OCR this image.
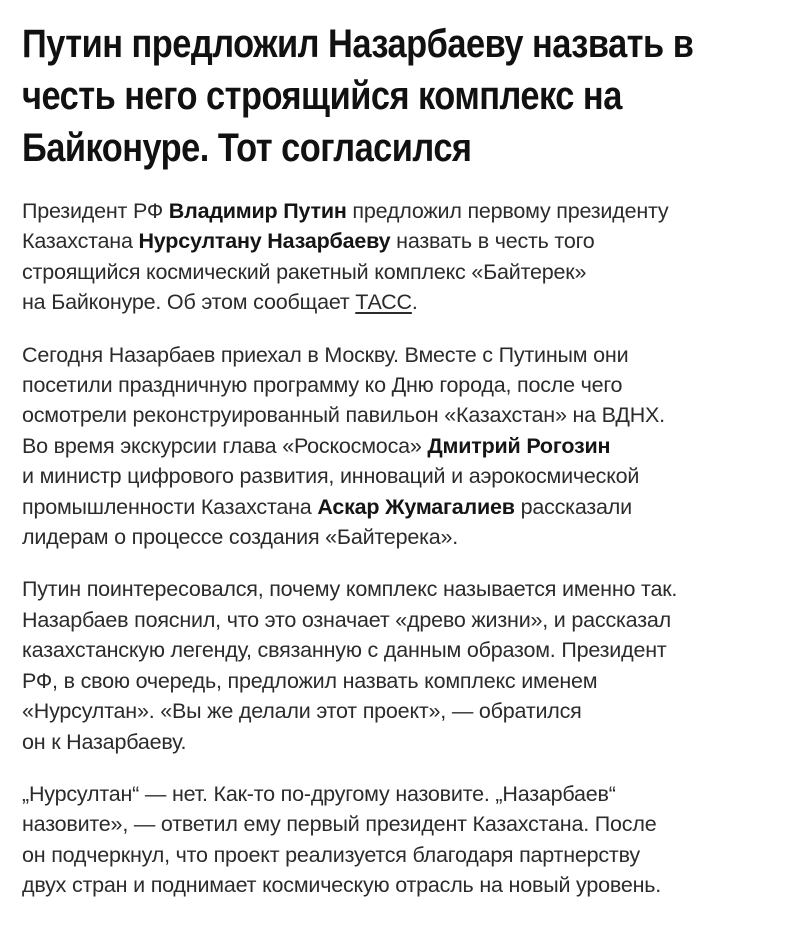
Путин предложил Назарбаеву назвать в
честь него строящийся комплекс на
Байконуре. Тот согласился

Президент РФ Владимир Путин предложил первому президенту
Казахстана Нурсултану Назарбаеву назвать в честь того
строящийся космический ракетный комплекс «Байтерек»
на Байконуре. Об этом сообщает ТАСС.

Сегодня Назарбаев приехал в Москву. Вместе с Путиным они
посетили праздничную программу ко Дню города, после чего
осмотрели реконструированный павильон «Казахстан» на ВДНХ.
Во время экскурсии глава «Роскосмоса» Дмитрий Рогозин
и министр цифрового развития, инноваций и аэрокосмической
промышленности Казахстана Аскар Жумагалиев рассказали
лидерам о процессе создания «Байтерека».

Путин поинтересовался, почему комплекс называется именно так.
Назарбаев пояснил, что это означает «древо жизни», и рассказал
казахстанскую легенду, связанную с данным образом. Президент
РФ, в свою очередь, предложил назвать комплекс именем
«Нурсултан». «Вы же делали этот проект», — обратился
он к Назарбаеву.

„Нурсултан“ — нет. Как-то по-другому назовите. „Назарбаев“
назовите», — ответил ему первый президент Казахстана. После
он подчеркнул, что проект реализуется благодаря партнерству
двух стран и поднимает космическую отрасль на новый уровень.
